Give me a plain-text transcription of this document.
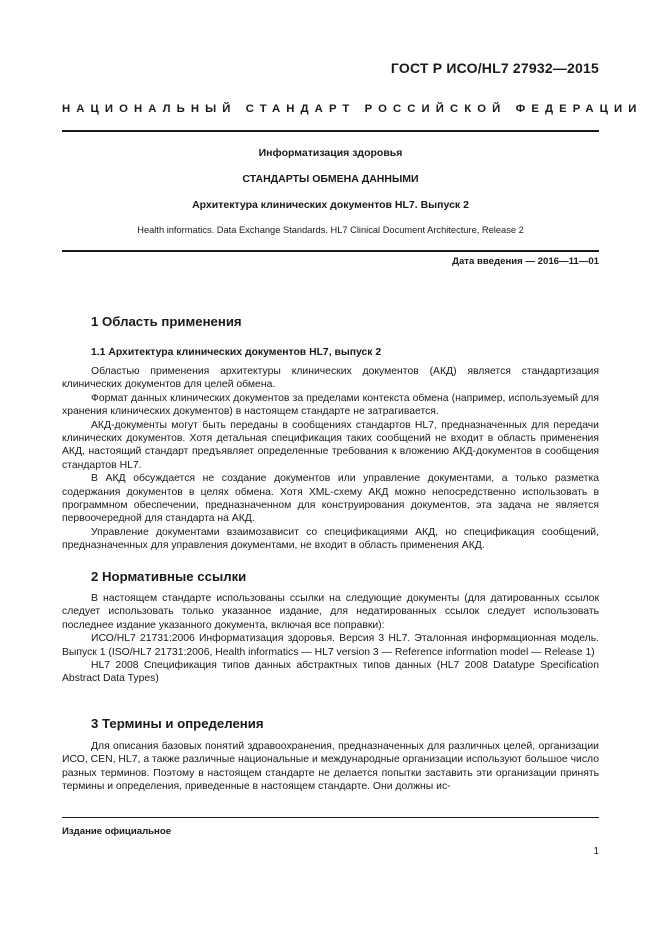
ГОСТ Р ИСО/HL7 27932—2015
НАЦИОНАЛЬНЫЙ СТАНДАРТ РОССИЙСКОЙ ФЕДЕРАЦИИ
Информатизация здоровья
СТАНДАРТЫ ОБМЕНА ДАННЫМИ
Архитектура клинических документов HL7. Выпуск 2
Health informatics. Data Exchange Standards. HL7 Clinical Document Architecture, Release 2
Дата введения — 2016—11—01
1 Область применения
1.1 Архитектура клинических документов HL7, выпуск 2

Областью применения архитектуры клинических документов (АКД) является стандартизация клинических документов для целей обмена.

Формат данных клинических документов за пределами контекста обмена (например, используемый для хранения клинических документов) в настоящем стандарте не затрагивается.

АКД-документы могут быть переданы в сообщениях стандартов HL7, предназначенных для передачи клинических документов. Хотя детальная спецификация таких сообщений не входит в область применения АКД, настоящий стандарт предъявляет определенные требования к вложению АКД-документов в сообщения стандартов HL7.

В АКД обсуждается не создание документов или управление документами, а только разметка содержания документов в целях обмена. Хотя XML-схему АКД можно непосредственно использовать в программном обеспечении, предназначенном для конструирования документов, эта задача не является первоочередной для стандарта на АКД.

Управление документами взаимозависит со спецификациями АКД, но спецификация сообщений, предназначенных для управления документами, не входит в область применения АКД.

2 Нормативные ссылки

В настоящем стандарте использованы ссылки на следующие документы (для датированных ссылок следует использовать только указанное издание, для недатированных ссылок следует использовать последнее издание указанного документа, включая все поправки):

ИСО/HL7 21731:2006 Информатизация здоровья. Версия 3 HL7. Эталонная информационная модель. Выпуск 1 (ISO/HL7 21731:2006, Health informatics — HL7 version 3 — Reference information model — Release 1)

HL7 2008 Спецификация типов данных абстрактных типов данных (HL7 2008 Datatype Specification Abstract Data Types)

3 Термины и определения

Для описания базовых понятий здравоохранения, предназначенных для различных целей, организации ИСО, CEN, HL7, а также различные национальные и международные организации используют большое число разных терминов. Поэтому в настоящем стандарте не делается попытки заставить эти организации принять термины и определения, приведенные в настоящем стандарте. Они должны ис-

Издание официальное
1
